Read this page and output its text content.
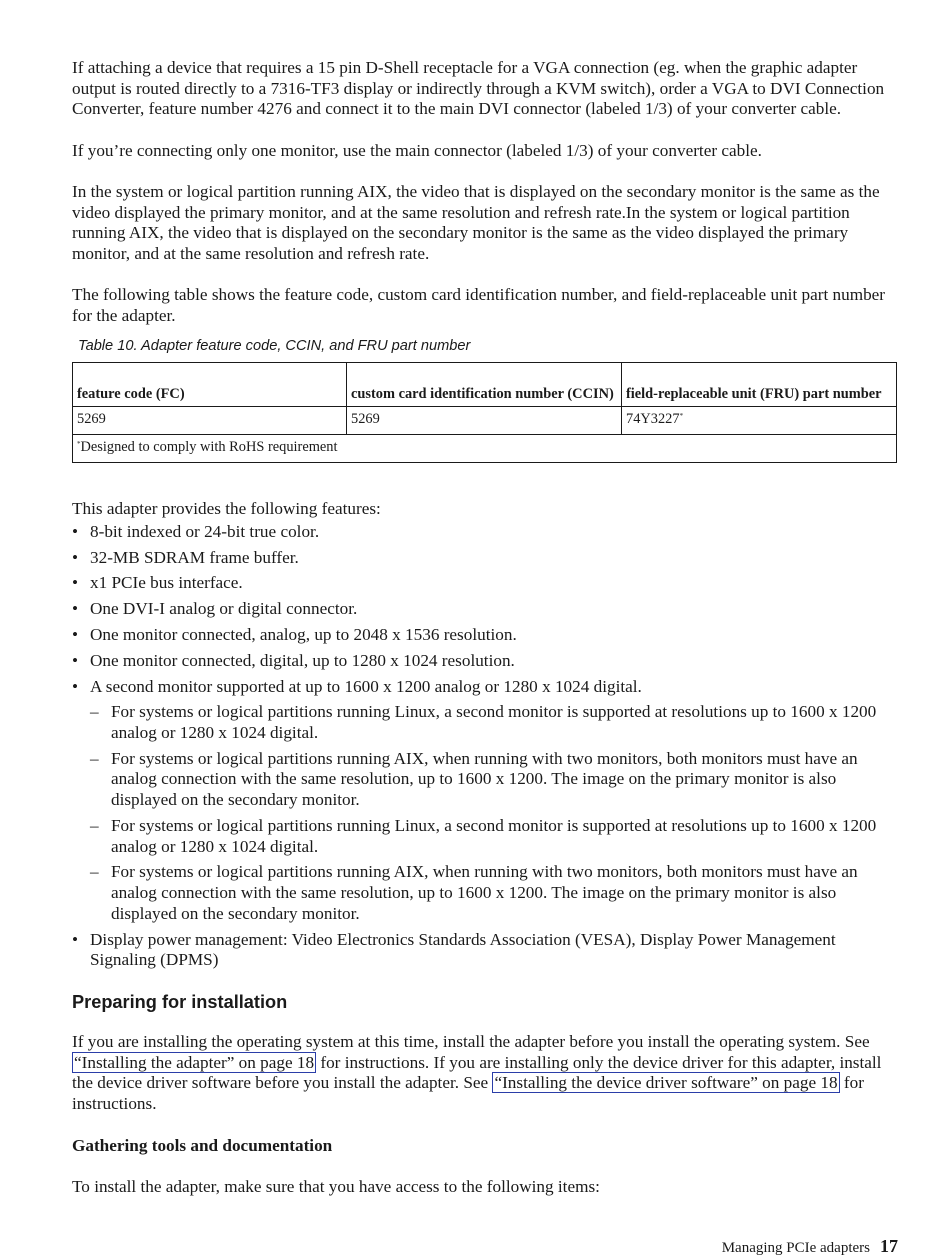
If attaching a device that requires a 15 pin D-Shell receptacle for a VGA connection (eg. when the graphic adapter output is routed directly to a 7316-TF3 display or indirectly through a KVM switch), order a VGA to DVI Connection Converter, feature number 4276 and connect it to the main DVI connector (labeled 1/3) of your converter cable.

If you’re connecting only one monitor, use the main connector (labeled 1/3) of your converter cable.

In the system or logical partition running AIX, the video that is displayed on the secondary monitor is the same as the video displayed the primary monitor, and at the same resolution and refresh rate.In the system or logical partition running AIX, the video that is displayed on the secondary monitor is the same as the video displayed the primary monitor, and at the same resolution and refresh rate.

The following table shows the feature code, custom card identification number, and field-replaceable unit part number for the adapter.

Table 10. Adapter feature code, CCIN, and FRU part number
feature code (FC)	custom card identification number (CCIN)	field-replaceable unit (FRU) part number
5269	5269	74Y3227*
*Designed to comply with RoHS requirement		

This adapter provides the following features:

• 8-bit indexed or 24-bit true color.
• 32-MB SDRAM frame buffer.
• x1 PCIe bus interface.
• One DVI-I analog or digital connector.
• One monitor connected, analog, up to 2048 x 1536 resolution.
• One monitor connected, digital, up to 1280 x 1024 resolution.
• A second monitor supported at up to 1600 x 1200 analog or 1280 x 1024 digital.
– For systems or logical partitions running Linux, a second monitor is supported at resolutions up to 1600 x 1200 analog or 1280 x 1024 digital.
– For systems or logical partitions running AIX, when running with two monitors, both monitors must have an analog connection with the same resolution, up to 1600 x 1200. The image on the primary monitor is also displayed on the secondary monitor.
– For systems or logical partitions running Linux, a second monitor is supported at resolutions up to 1600 x 1200 analog or 1280 x 1024 digital.
– For systems or logical partitions running AIX, when running with two monitors, both monitors must have an analog connection with the same resolution, up to 1600 x 1200. The image on the primary monitor is also displayed on the secondary monitor.
• Display power management: Video Electronics Standards Association (VESA), Display Power Management Signaling (DPMS)
Preparing for installation

If you are installing the operating system at this time, install the adapter before you install the operating system. See “Installing the adapter” on page 18 for instructions. If you are installing only the device driver for this adapter, install the device driver software before you install the adapter. See “Installing the device driver software” on page 18 for instructions.

Gathering tools and documentation

To install the adapter, make sure that you have access to the following items:

Managing PCIe adapters 17
